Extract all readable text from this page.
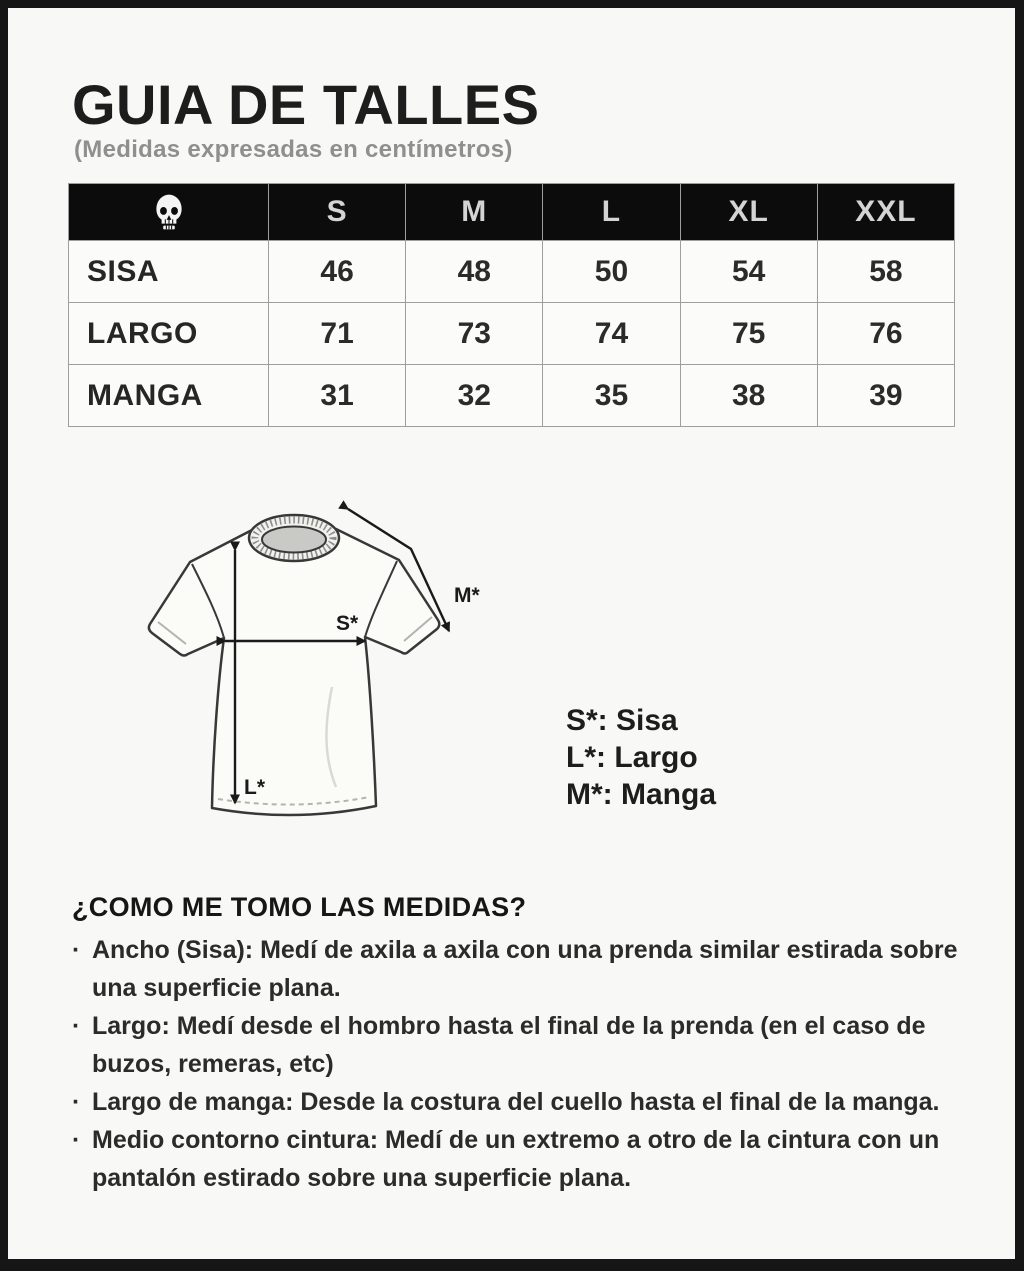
GUIA DE TALLES
(Medidas expresadas en centímetros)
	S	M	L	XL	XXL
SISA	46	48	50	54	58
LARGO	71	73	74	75	76
MANGA	31	32	35	38	39
S*
L*
M*
S*: Sisa
L*: Largo
M*: Manga
¿COMO ME TOMO LAS MEDIDAS?
· Ancho (Sisa): Medí de axila a axila con una prenda similar estirada sobre una superficie plana.
· Largo: Medí desde el hombro hasta el final de la prenda (en el caso de buzos, remeras, etc)
· Largo de manga: Desde la costura del cuello hasta el final de la manga.
· Medio contorno cintura: Medí de un extremo a otro de la cintura con un pantalón estirado sobre una superficie plana.
